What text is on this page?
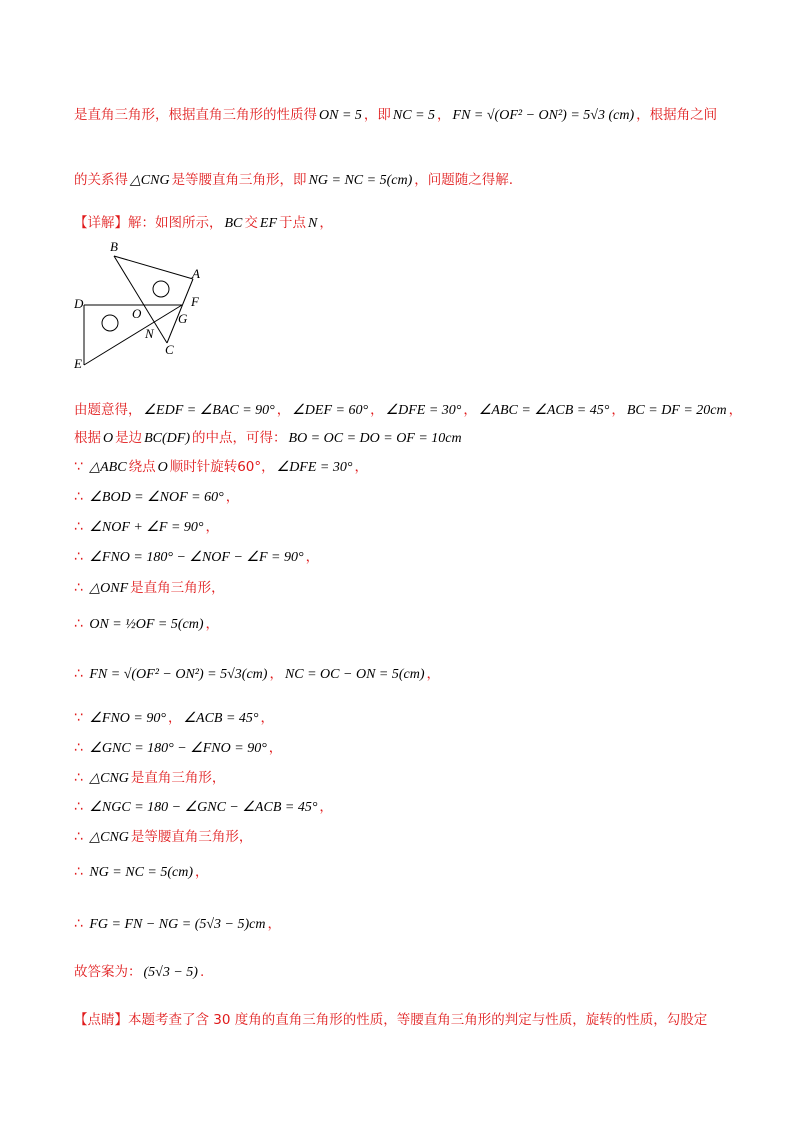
是直角三角形，根据直角三角形的性质得 ON = 5 ，即 NC = 5 ， FN = √(OF² − ON²) = 5√3 (cm) ，根据角之间
的关系得 △CNG 是等腰直角三角形，即 NG = NC = 5(cm) ，问题随之得解.
【详解】解：如图所示， BC 交 EF 于点 N ，
B
A
D	F
O	G
N
C
E
由题意得， ∠EDF = ∠BAC = 90° ， ∠DEF = 60° ， ∠DFE = 30° ， ∠ABC = ∠ACB = 45° ， BC = DF = 20cm ，
根据 O 是边 BC(DF) 的中点，可得： BO = OC = DO = OF = 10cm
∵ △ABC 绕点 O 顺时针旋转60°， ∠DFE = 30° ，
∴ ∠BOD = ∠NOF = 60° ，
∴ ∠NOF + ∠F = 90° ，
∴ ∠FNO = 180° − ∠NOF − ∠F = 90° ，
∴ △ONF 是直角三角形，
∴ ON = ½OF = 5(cm) ，
∴ FN = √(OF² − ON²) = 5√3(cm) ， NC = OC − ON = 5(cm) ，
∵ ∠FNO = 90° ， ∠ACB = 45° ，
∴ ∠GNC = 180° − ∠FNO = 90° ，
∴ △CNG 是直角三角形，
∴ ∠NGC = 180 − ∠GNC − ∠ACB = 45° ，
∴ △CNG 是等腰直角三角形，
∴ NG = NC = 5(cm) ，
∴ FG = FN − NG = (5√3 − 5)cm ，
故答案为： (5√3 − 5) .
【点睛】本题考查了含 30 度角的直角三角形的性质，等腰直角三角形的判定与性质，旋转的性质，勾股定
